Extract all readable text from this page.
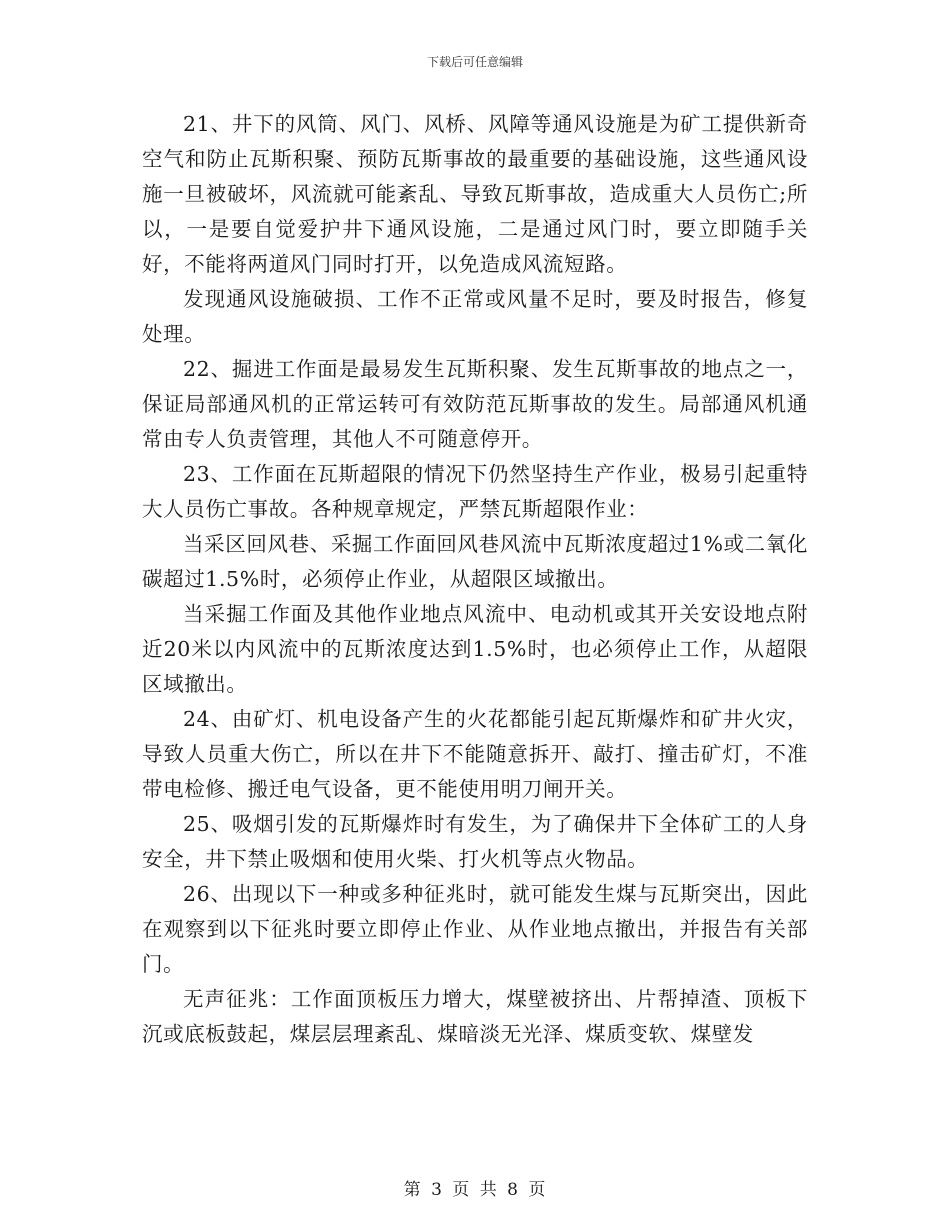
下载后可任意编辑

21、井下的风筒、风门、风桥、风障等通风设施是为矿工提供新奇空气和防止瓦斯积聚、预防瓦斯事故的最重要的基础设施，这些通风设施一旦被破坏，风流就可能紊乱、导致瓦斯事故，造成重大人员伤亡;所以，一是要自觉爱护井下通风设施，二是通过风门时，要立即随手关好，不能将两道风门同时打开，以免造成风流短路。

发现通风设施破损、工作不正常或风量不足时，要及时报告，修复处理。

22、掘进工作面是最易发生瓦斯积聚、发生瓦斯事故的地点之一，保证局部通风机的正常运转可有效防范瓦斯事故的发生。局部通风机通常由专人负责管理，其他人不可随意停开。

23、工作面在瓦斯超限的情况下仍然坚持生产作业，极易引起重特大人员伤亡事故。各种规章规定，严禁瓦斯超限作业：

当采区回风巷、采掘工作面回风巷风流中瓦斯浓度超过1%或二氧化碳超过1.5%时，必须停止作业，从超限区域撤出。

当采掘工作面及其他作业地点风流中、电动机或其开关安设地点附近20米以内风流中的瓦斯浓度达到1.5%时，也必须停止工作，从超限区域撤出。

24、由矿灯、机电设备产生的火花都能引起瓦斯爆炸和矿井火灾，导致人员重大伤亡，所以在井下不能随意拆开、敲打、撞击矿灯，不准带电检修、搬迁电气设备，更不能使用明刀闸开关。

25、吸烟引发的瓦斯爆炸时有发生，为了确保井下全体矿工的人身安全，井下禁止吸烟和使用火柴、打火机等点火物品。

26、出现以下一种或多种征兆时，就可能发生煤与瓦斯突出，因此在观察到以下征兆时要立即停止作业、从作业地点撤出，并报告有关部门。

无声征兆：工作面顶板压力增大，煤壁被挤出、片帮掉渣、顶板下沉或底板鼓起，煤层层理紊乱、煤暗淡无光泽、煤质变软、煤壁发

第 3 页 共 8 页
